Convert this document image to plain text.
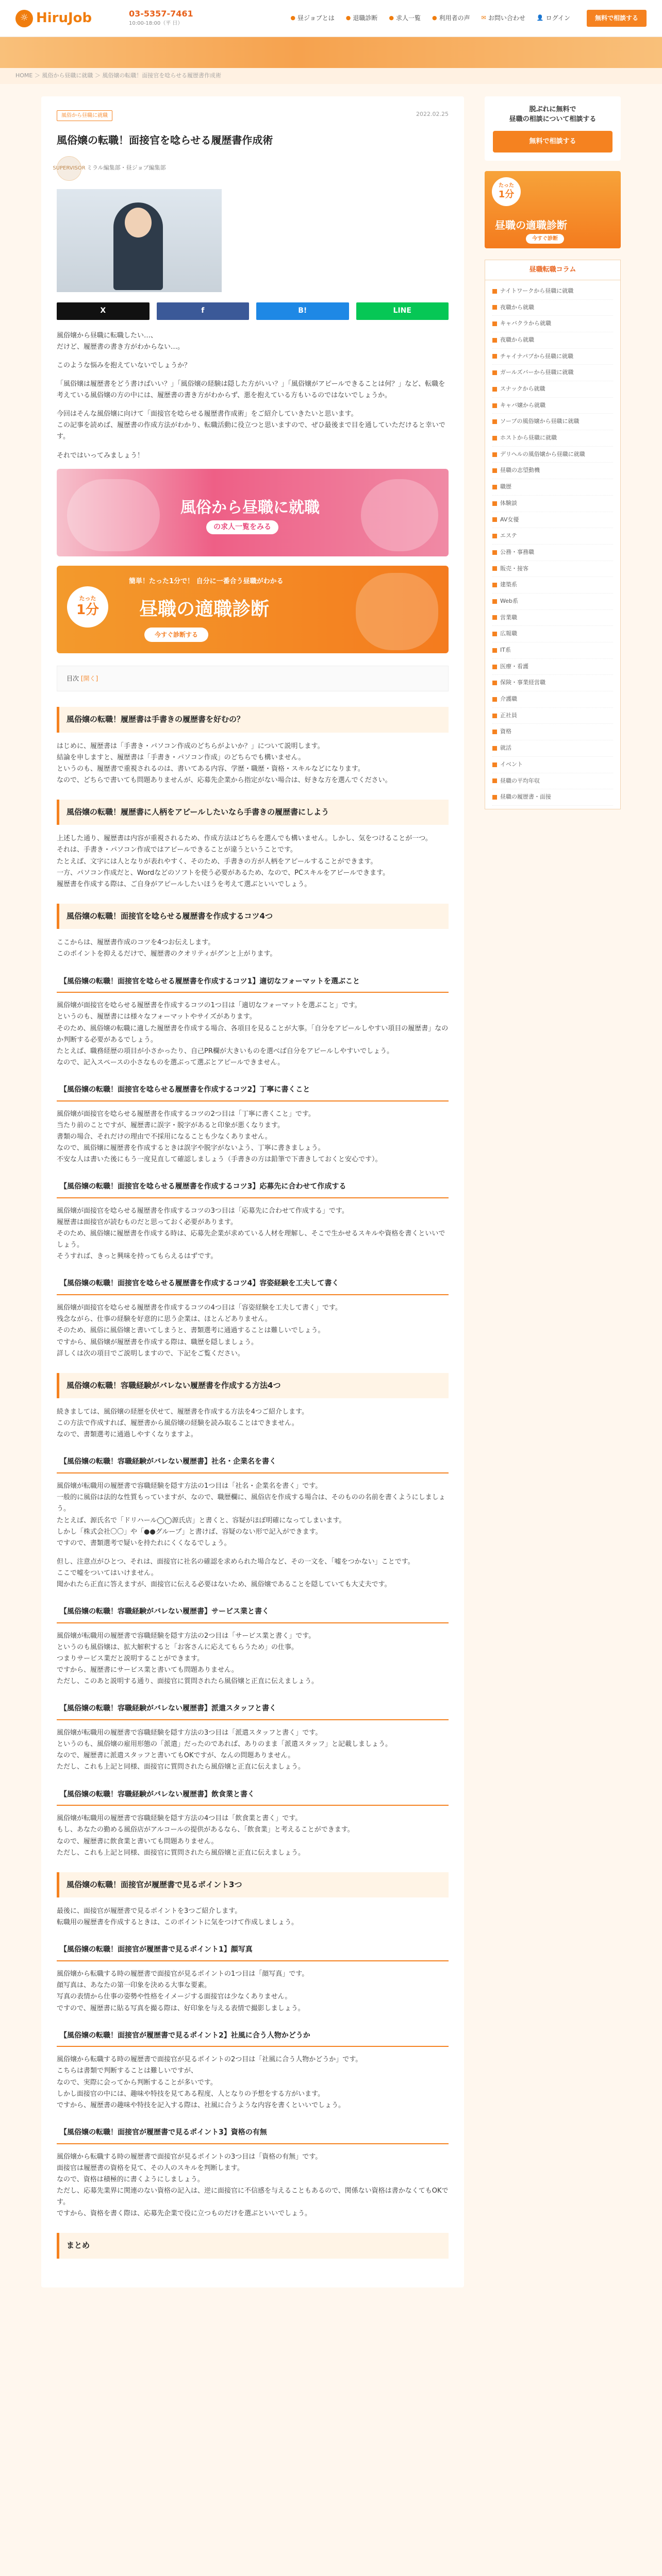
☼ HiruJob	03-5357-7461
10:00-18:00（平 日）
● 昼ジョブとは ● 退職診断 ● 求人一覧 ● 利用者の声 ✉ お問い合わせ 👤 ログイン	無料で相談する
HOME ＞ 風俗から昼職に就職 ＞ 風俗嬢の転職！面接官を唸らせる履歴書作成術
風俗から昼職に就職	2022.02.25
風俗嬢の転職！面接官を唸らせる履歴書作成術
SUPERVISOR ミラル編集部・昼ジョブ編集部
X	f	B!	LINE

風俗嬢から昼職に転職したい…、
だけど、履歴書の書き方がわからない…。

このような悩みを抱えていないでしょうか？

「風俗嬢は履歴書をどう書けばいい？」「風俗嬢の経験は隠した方がいい？」「風俗嬢がアピールできることは何？」など、転職を考えている風俗嬢の方の中には、履歴書の書き方がわからず、悪を抱えている方もいるのではないでしょうか。

今回はそんな風俗嬢に向けて「面接官を唸らせる履歴書作成術」をご紹介していきたいと思います。
この記事を読めば、履歴書の作成方法がわかり、転職活動に役立つと思いますので、ぜひ最後まで目を通していただけると幸いです。

それではいってみましょう！

風俗から昼職に就職
の求人一覧をみる
たった
1分
簡単！たった1分で！ 自分に一番合う昼職がわかる
昼職の適職診断
今すぐ診断する
目次 [開く]
風俗嬢の転職！履歴書は手書きの履歴書を好むの？

はじめに、履歴書は「手書き・パソコン作成のどちらがよいか？」について説明します。
結論を申しますと、履歴書は「手書き・パソコン作成」のどちらでも構いません。
というのも、履歴書で重視されるのは、書いてある内容、学歴・職歴・資格・スキルなどになります。
なので、どちらで書いても問題ありませんが、応募先企業から指定がない場合は、好きな方を選んでください。

風俗嬢の転職！履歴書に人柄をアピールしたいなら手書きの履歴書にしよう

上述した通り、履歴書は内容が重視されるため、作成方法はどちらを選んでも構いません。しかし、気をつけることが一つ。
それは、手書き・パソコン作成ではアピールできることが違うということです。
たとえば、文字には人となりが表れやすく、そのため、手書きの方が人柄をアピールすることができます。
一方、パソコン作成だと、Wordなどのソフトを使う必要があるため、なので、PCスキルをアピールできます。
履歴書を作成する際は、ご自身がアピールしたいほうを考えて選ぶといいでしょう。

風俗嬢の転職！面接官を唸らせる履歴書を作成するコツ4つ

ここからは、履歴書作成のコツを4つお伝えします。
このポイントを抑えるだけで、履歴書のクオリティがグンと上がります。

【風俗嬢の転職！面接官を唸らせる履歴書を作成するコツ1】適切なフォーマットを選ぶこと

風俗嬢が面接官を唸らせる履歴書を作成するコツの1つ目は「適切なフォーマットを選ぶこと」です。
というのも、履歴書には様々なフォーマットやサイズがあります。
そのため、風俗嬢の転職に適した履歴書を作成する場合、各項目を見ることが大事。「自分をアピールしやすい項目の履歴書」なのか判断する必要があるでしょう。
たとえば、職務経歴の項目が小さかったり、自己PR欄が大きいものを選べば自分をアピールしやすいでしょう。
なので、記入スペースの小さなものを選ぶって選ぶとアピールできません。

【風俗嬢の転職！面接官を唸らせる履歴書を作成するコツ2】丁寧に書くこと

風俗嬢が面接官を唸らせる履歴書を作成するコツの2つ目は「丁寧に書くこと」です。
当たり前のことですが、履歴書に誤字・脱字があると印象が悪くなります。
書類の場合、それだけの理由で不採用になることも少なくありません。
なので、風俗嬢に履歴書を作成するときは誤字や脱字がないよう、丁寧に書きましょう。
不安な人は書いた後にもう一度見直して確認しましょう（手書きの方は鉛筆で下書きしておくと安心です）。

【風俗嬢の転職！面接官を唸らせる履歴書を作成するコツ3】応募先に合わせて作成する

風俗嬢が面接官を唸らせる履歴書を作成するコツの3つ目は「応募先に合わせて作成する」です。
履歴書は面接官が読むものだと思っておく必要があります。
そのため、風俗嬢に履歴書を作成する時は、応募先企業が求めている人材を理解し、そこで生かせるスキルや資格を書くといいでしょう。
そうすれば、きっと興味を持ってもらえるはずです。

【風俗嬢の転職！面接官を唸らせる履歴書を作成するコツ4】容姿経験を工夫して書く

風俗嬢が面接官を唸らせる履歴書を作成するコツの4つ目は「容姿経験を工夫して書く」です。
残念ながら、仕事の経験を好意的に思う企業は、ほとんどありません。
そのため、風俗に風俗嬢と書いてしまうと、書類選考に通過することは難しいでしょう。
ですから、風俗嬢が履歴書を作成する際は、職歴を隠しましょう。
詳しくは次の項目でご説明しますので、下記をご覧ください。

風俗嬢の転職！容職経験がバレない履歴書を作成する方法4つ

続きましては、風俗嬢の経歴を伏せて、履歴書を作成する方法を4つご紹介します。
この方法で作成すれば、履歴書から風俗嬢の経験を読み取ることはできません。
なので、書類選考に通過しやすくなりますよ。

【風俗嬢の転職！容職経験がバレない履歴書】社名・企業名を書く

風俗嬢が転職用の履歴書で容職経験を隠す方法の1つ目は「社名・企業名を書く」です。
一般的に風俗は法的な性質もっていますが、なので、職歴欄に、風俗店を作成する場合は、そのものの名前を書くようにしましょう。
たとえば、源氏名で「ドリハール◯◯源氏店」と書くと、容疑がほぼ明確になってしまいます。
しかし「株式会社〇〇」や「●●グループ」と書けば、容疑のない形で記入ができます。
ですので、書類選考で疑いを持たれにくくなるでしょう。

但し、注意点がひとつ、それは、面接官に社名の確認を求められた場合など、その一文を、「嘘をつかない」ことです。
ここで嘘をついてはいけません。
聞かれたら正直に答えますが、面接官に伝える必要はないため、風俗嬢であることを隠していても大丈夫です。

【風俗嬢の転職！容職経験がバレない履歴書】サービス業と書く

風俗嬢が転職用の履歴書で容職経験を隠す方法の2つ目は「サービス業と書く」です。
というのも風俗嬢は、拡大解釈すると「お客さんに応えてもらうため」の仕事。
つまりサービス業だと説明することができます。
ですから、履歴書にサービス業と書いても問題ありません。
ただし、このあと説明する通り、面接官に質問されたら風俗嬢と正直に伝えましょう。

【風俗嬢の転職！容職経験がバレない履歴書】派遣スタッフと書く

風俗嬢が転職用の履歴書で容職経験を隠す方法の3つ目は「派遣スタッフと書く」です。
というのも、風俗嬢の雇用形態の「派遣」だったのであれば、ありのまま「派遣スタッフ」と記載しましょう。
なので、履歴書に派遣スタッフと書いてもOKですが、なんの問題ありません。
ただし、これも上記と同様、面接官に質問されたら風俗嬢と正直に伝えましょう。

【風俗嬢の転職！容職経験がバレない履歴書】飲食業と書く

風俗嬢が転職用の履歴書で容職経験を隠す方法の4つ目は「飲食業と書く」です。
もし、あなたの勤める風俗店がアルコールの提供があるなら、「飲食業」と考えることができます。
なので、履歴書に飲食業と書いても問題ありません。
ただし、これも上記と同様、面接官に質問されたら風俗嬢と正直に伝えましょう。

風俗嬢の転職！面接官が履歴書で見るポイント3つ

最後に、面接官が履歴書で見るポイントを3つご紹介します。
転職用の履歴書を作成するときは、このポイントに気をつけて作成しましょう。

【風俗嬢の転職！面接官が履歴書で見るポイント1】顔写真

風俗嬢から転職する時の履歴書で面接官が見るポイントの1つ目は「顔写真」です。
顔写真は、あなたの第一印象を決める大事な要素。
写真の表情から仕事の姿勢や性格をイメージする面接官は少なくありません。
ですので、履歴書に貼る写真を撮る際は、好印象を与える表情で撮影しましょう。

【風俗嬢の転職！面接官が履歴書で見るポイント2】社風に合う人物かどうか

風俗嬢から転職する時の履歴書で面接官が見るポイントの2つ目は「社風に合う人物かどうか」です。
こちらは書類で判断することは難しいですが、
なので、実際に会ってから判断することが多いです。
しかし面接官の中には、趣味や特技を見てある程度、人となりの予想をする方がいます。
ですから、履歴書の趣味や特技を記入する際は、社風に合うような内容を書くといいでしょう。

【風俗嬢の転職！面接官が履歴書で見るポイント3】資格の有無

風俗嬢から転職する時の履歴書で面接官が見るポイントの3つ目は「資格の有無」です。
面接官は履歴書の資格を見て、その人のスキルを判断します。
なので、資格は積極的に書くようにしましょう。
ただし、応募先業界に関連のない資格の記入は、逆に面接官に不信感を与えることもあるので、関係ない資格は書かなくてもOKです。
ですから、資格を書く際は、応募先企業で役に立つものだけを選ぶといいでしょう。

まとめ
脱ぷれに無料で
昼職の相談について相談する
無料で相談する
たった
1分
昼職の適職診断
今すぐ診断
昼職転職コラム
ナイトワークから昼職に就職
夜職から就職
キャバクラから就職
夜職から就職
チャイナパブから昼職に就職
ガールズバーから昼職に就職
スナックから就職
キャバ嬢から就職
ソープの風俗嬢から昼職に就職
ホストから昼職に就職
デリヘルの風俗嬢から昼職に就職
昼職の志望動機
職歴
体験談
AV女優
エステ
公務・事務職
販売・接客
建築系
Web系
営業職
広報職
IT系
医療・看護
保険・事業経営職
介護職
正社員
資格
就活
イベント
昼職の平均年収
昼職の履歴書・面接
